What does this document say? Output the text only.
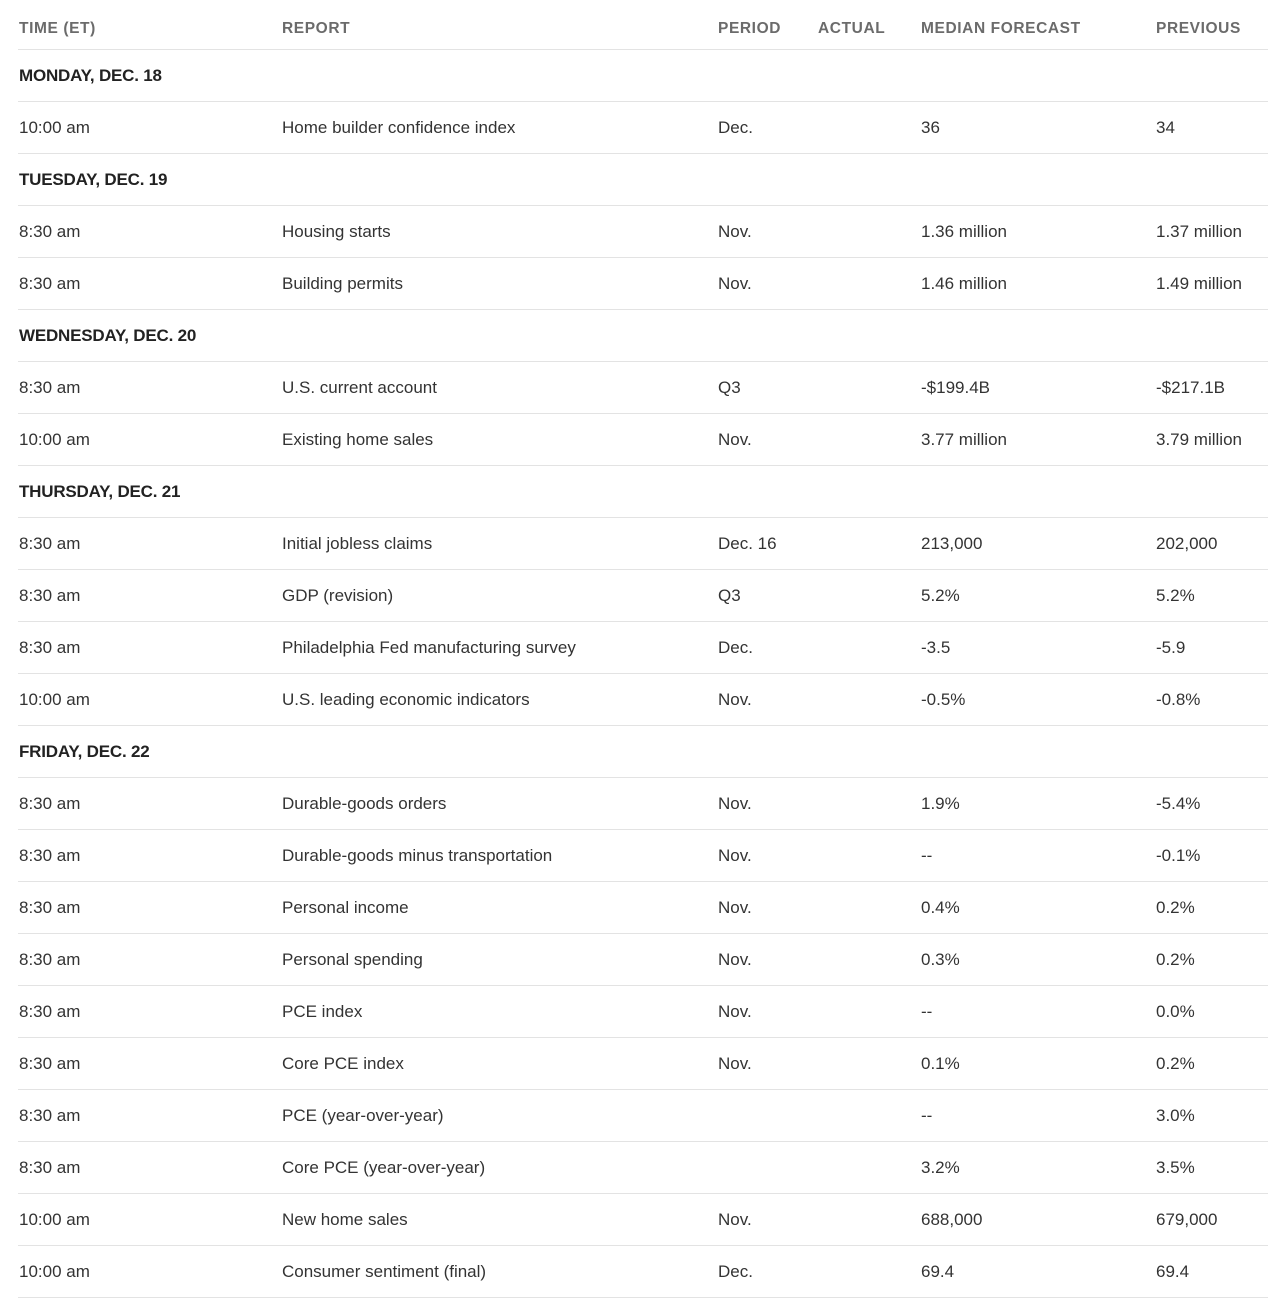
TIME (ET)	REPORT	PERIOD	ACTUAL	MEDIAN FORECAST	PREVIOUS
MONDAY, DEC. 18					
10:00 am	Home builder confidence index	Dec.		36	34
TUESDAY, DEC. 19					
8:30 am	Housing starts	Nov.		1.36 million	1.37 million
8:30 am	Building permits	Nov.		1.46 million	1.49 million
WEDNESDAY, DEC. 20					
8:30 am	U.S. current account	Q3		-$199.4B	-$217.1B
10:00 am	Existing home sales	Nov.		3.77 million	3.79 million
THURSDAY, DEC. 21					
8:30 am	Initial jobless claims	Dec. 16		213,000	202,000
8:30 am	GDP (revision)	Q3		5.2%	5.2%
8:30 am	Philadelphia Fed manufacturing survey	Dec.		-3.5	-5.9
10:00 am	U.S. leading economic indicators	Nov.		-0.5%	-0.8%
FRIDAY, DEC. 22					
8:30 am	Durable-goods orders	Nov.		1.9%	-5.4%
8:30 am	Durable-goods minus transportation	Nov.		--	-0.1%
8:30 am	Personal income	Nov.		0.4%	0.2%
8:30 am	Personal spending	Nov.		0.3%	0.2%
8:30 am	PCE index	Nov.		--	0.0%
8:30 am	Core PCE index	Nov.		0.1%	0.2%
8:30 am	PCE (year-over-year)			--	3.0%
8:30 am	Core PCE (year-over-year)			3.2%	3.5%
10:00 am	New home sales	Nov.		688,000	679,000
10:00 am	Consumer sentiment (final)	Dec.		69.4	69.4
